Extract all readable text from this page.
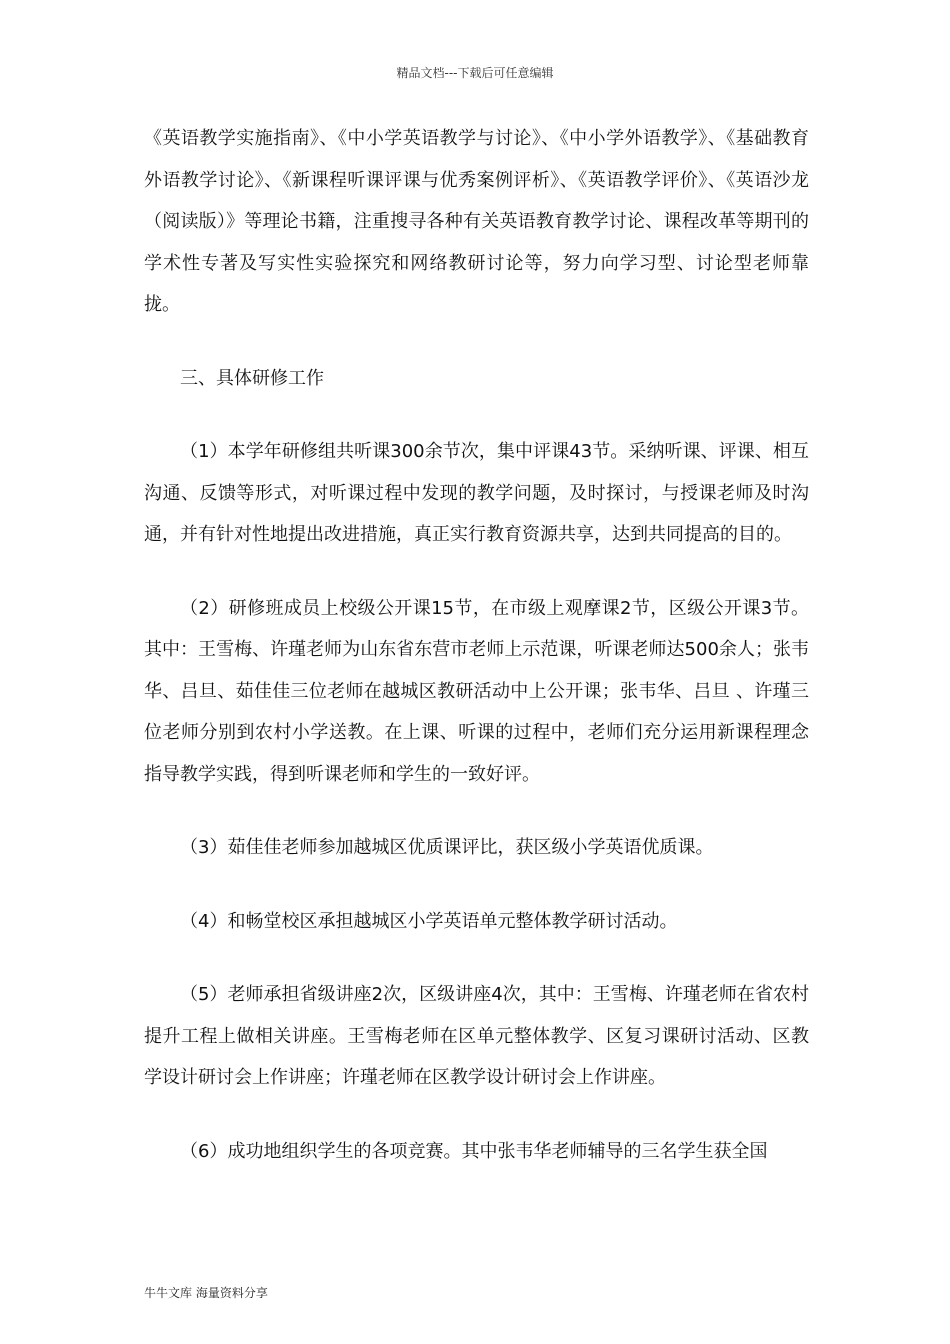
精品文档---下载后可任意编辑

《英语教学实施指南》、《中小学英语教学与讨论》、《中小学外语教学》、《基础教育外语教学讨论》、《新课程听课评课与优秀案例评析》、《英语教学评价》、《英语沙龙（阅读版）》等理论书籍，注重搜寻各种有关英语教育教学讨论、课程改革等期刊的学术性专著及写实性实验探究和网络教研讨论等，努力向学习型、讨论型老师靠拢。

三、具体研修工作

（1）本学年研修组共听课300余节次，集中评课43节。采纳听课、评课、相互沟通、反馈等形式，对听课过程中发现的教学问题，及时探讨，与授课老师及时沟通，并有针对性地提出改进措施，真正实行教育资源共享，达到共同提高的目的。

（2）研修班成员上校级公开课15节，在市级上观摩课2节，区级公开课3节。其中：王雪梅、许瑾老师为山东省东营市老师上示范课，听课老师达500余人；张韦华、吕旦、茹佳佳三位老师在越城区教研活动中上公开课；张韦华、吕旦 、许瑾三位老师分别到农村小学送教。在上课、听课的过程中，老师们充分运用新课程理念指导教学实践，得到听课老师和学生的一致好评。

（3）茹佳佳老师参加越城区优质课评比，获区级小学英语优质课。

（4）和畅堂校区承担越城区小学英语单元整体教学研讨活动。

（5）老师承担省级讲座2次，区级讲座4次，其中：王雪梅、许瑾老师在省农村提升工程上做相关讲座。王雪梅老师在区单元整体教学、区复习课研讨活动、区教学设计研讨会上作讲座；许瑾老师在区教学设计研讨会上作讲座。

（6）成功地组织学生的各项竞赛。其中张韦华老师辅导的三名学生获全国

牛牛文库 海量资料分享
